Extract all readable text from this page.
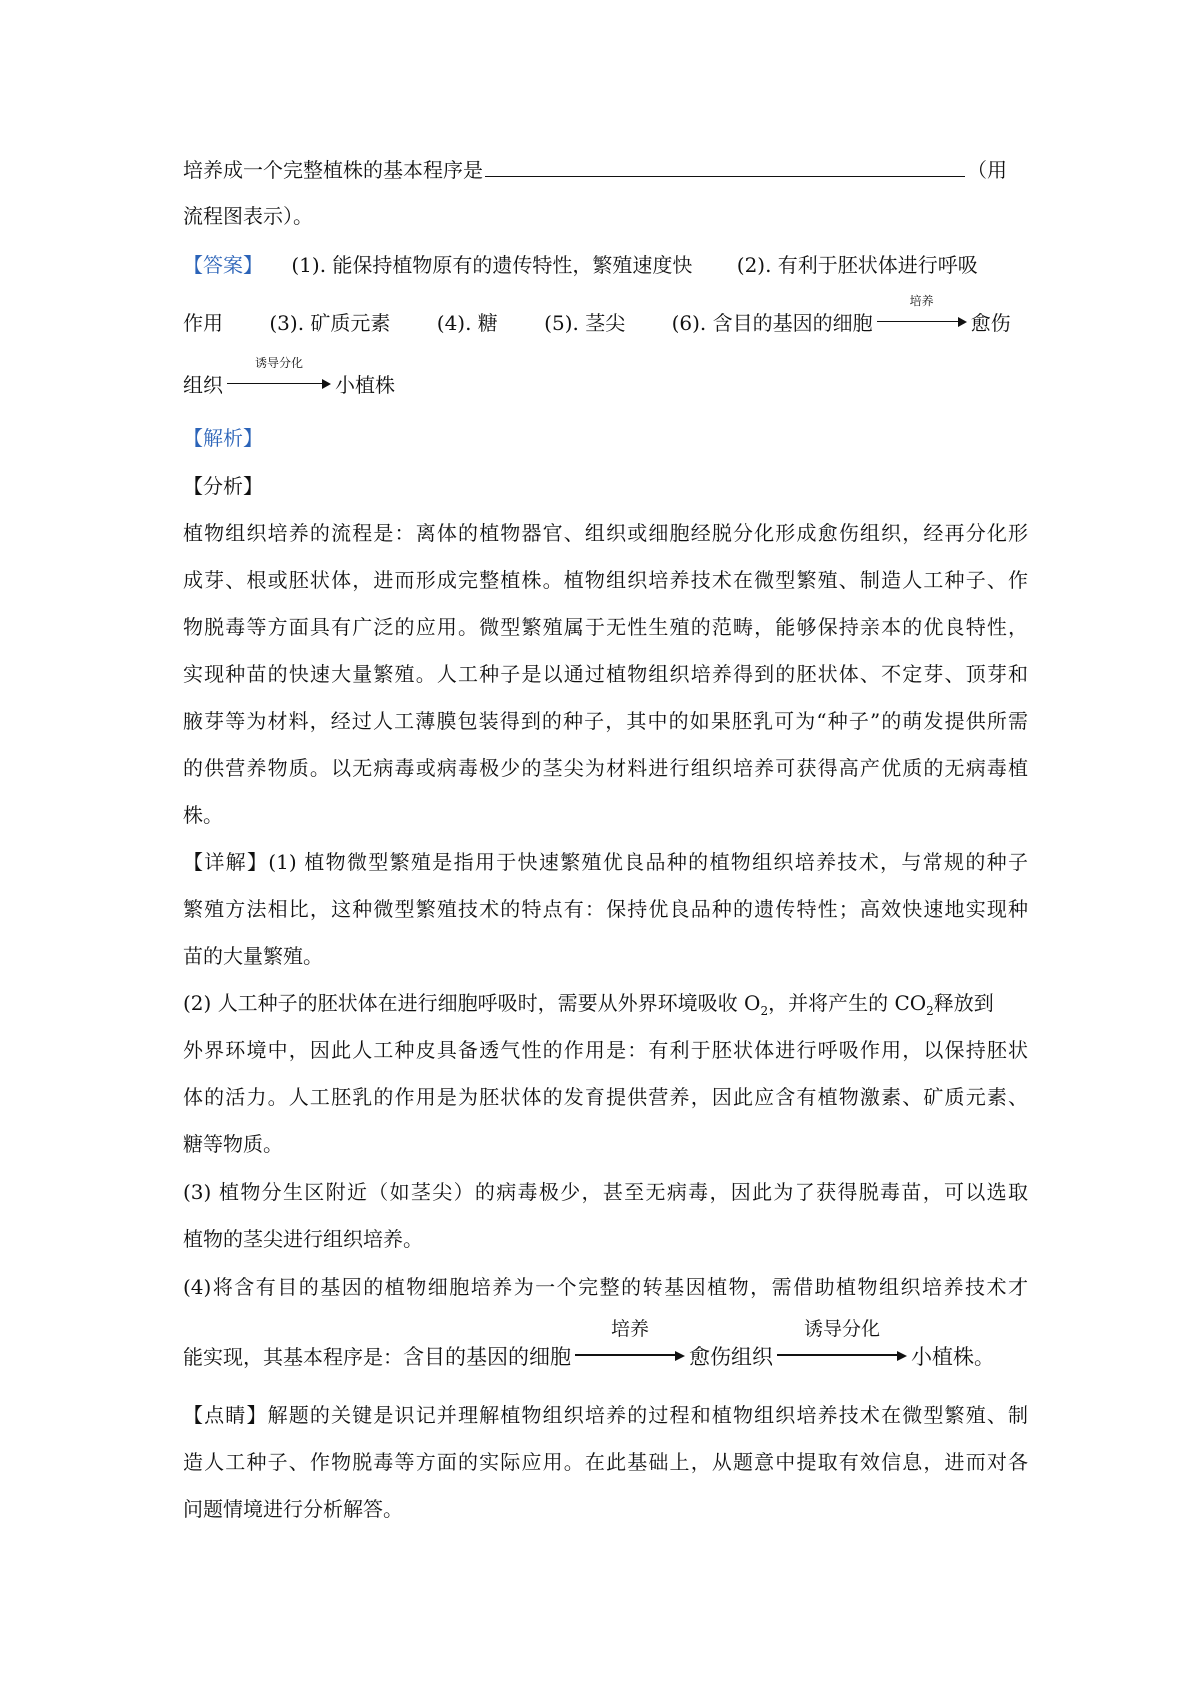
培养成一个完整植株的基本程序是	（用
流程图表示）。
【答案】 (1). 能保持植物原有的遗传特性，繁殖速度快 (2). 有利于胚状体进行呼吸
作用 (3). 矿质元素 (4). 糖 (5). 茎尖 (6). 含目的基因的细胞
培养
愈伤
组织
诱导分化
小植株
【解析】
【分析】
植物组织培养的流程是：离体的植物器官、组织或细胞经脱分化形成愈伤组织，经再分化形
成芽、根或胚状体，进而形成完整植株。植物组织培养技术在微型繁殖、制造人工种子、作
物脱毒等方面具有广泛的应用。微型繁殖属于无性生殖的范畴，能够保持亲本的优良特性，
实现种苗的快速大量繁殖。人工种子是以通过植物组织培养得到的胚状体、不定芽、顶芽和
腋芽等为材料，经过人工薄膜包装得到的种子，其中的如果胚乳可为“种子”的萌发提供所需
的供营养物质。以无病毒或病毒极少的茎尖为材料进行组织培养可获得高产优质的无病毒植
株。
【详解】(1) 植物微型繁殖是指用于快速繁殖优良品种的植物组织培养技术，与常规的种子
繁殖方法相比，这种微型繁殖技术的特点有：保持优良品种的遗传特性；高效快速地实现种
苗的大量繁殖。
(2) 人工种子的胚状体在进行细胞呼吸时，需要从外界环境吸收 $O_2$，并将产生的 $CO_2$释放到
外界环境中，因此人工种皮具备透气性的作用是：有利于胚状体进行呼吸作用，以保持胚状
体的活力。人工胚乳的作用是为胚状体的发育提供营养，因此应含有植物激素、矿质元素、
糖等物质。
(3) 植物分生区附近（如茎尖）的病毒极少，甚至无病毒，因此为了获得脱毒苗，可以选取
植物的茎尖进行组织培养。
(4)将含有目的基因的植物细胞培养为一个完整的转基因植物，需借助植物组织培养技术才
能实现，其基本程序是：含目的基因的细胞
培养
愈伤组织
诱导分化
小植株。
【点睛】解题的关键是识记并理解植物组织培养的过程和植物组织培养技术在微型繁殖、制
造人工种子、作物脱毒等方面的实际应用。在此基础上，从题意中提取有效信息，进而对各
问题情境进行分析解答。
